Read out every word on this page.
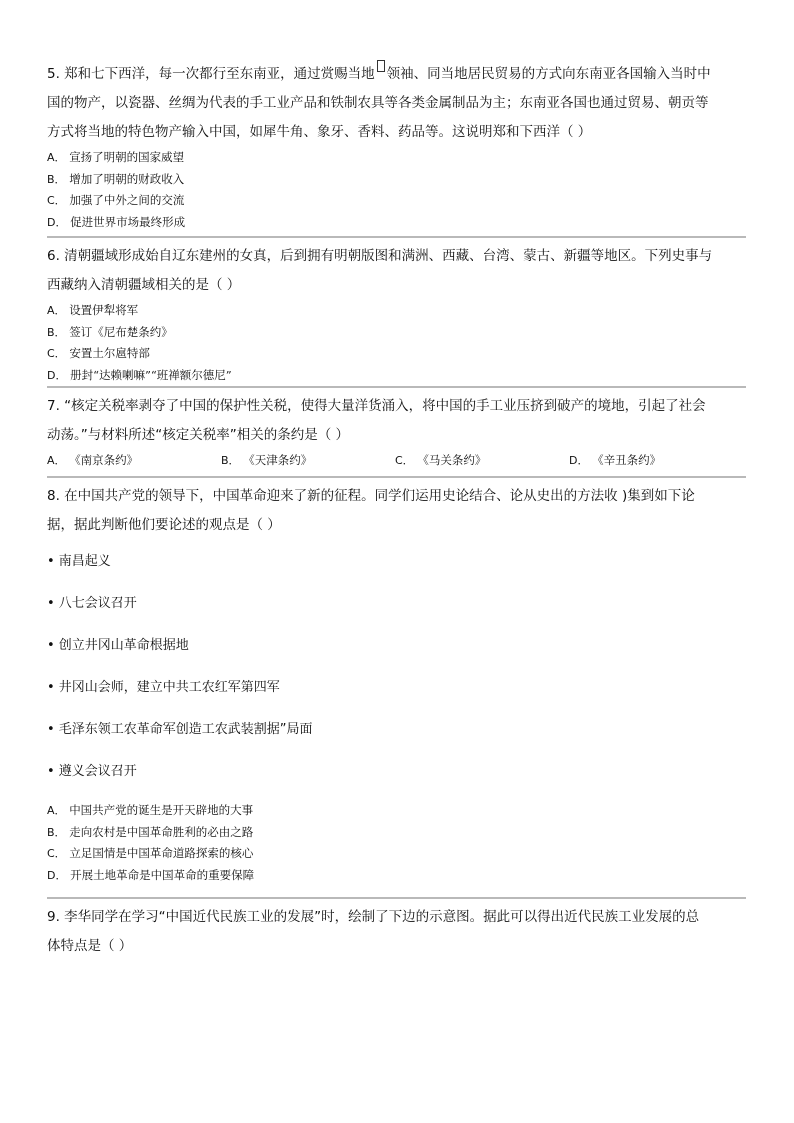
5. 郑和七下西洋，每一次都行至东南亚，通过赏赐当地 领袖、同当地居民贸易的方式向东南亚各国输入当时中

国的物产，以瓷器、丝绸为代表的手工业产品和铁制农具等各类金属制品为主；东南亚各国也通过贸易、朝贡等

方式将当地的特色物产输入中国，如犀牛角、象牙、香料、药品等。这说明郑和下西洋（ ）

A． 宣扬了明朝的国家威望

B． 增加了明朝的财政收入

C． 加强了中外之间的交流

D． 促进世界市场最终形成

6. 清朝疆域形成始自辽东建州的女真，后到拥有明朝版图和满洲、西藏、台湾、蒙古、新疆等地区。下列史事与

西藏纳入清朝疆域相关的是（ ）

A． 设置伊犁将军

B． 签订《尼布楚条约》

C． 安置土尔扈特部

D． 册封“达赖喇嘛”“班禅额尔德尼”

7. “核定关税率剥夺了中国的保护性关税，使得大量洋货涌入，将中国的手工业压挤到破产的境地，引起了社会

动荡。”与材料所述“核定关税率”相关的条约是（ ）

A． 《南京条约》	B． 《天津条约》	C． 《马关条约》	D． 《辛丑条约》

8. 在中国共产党的领导下，中国革命迎来了新的征程。同学们运用史论结合、论从史出的方法收 )集到如下论

据，据此判断他们要论述的观点是（ ）

• 南昌起义

• 八七会议召开

• 创立井冈山革命根据地

• 井冈山会师，建立中共工农红军第四军

• 毛泽东领工农革命军创造工农武装割据”局面

• 遵义会议召开

A． 中国共产党的诞生是开天辟地的大事

B． 走向农村是中国革命胜利的必由之路

C． 立足国情是中国革命道路探索的核心

D． 开展土地革命是中国革命的重要保障

9. 李华同学在学习“中国近代民族工业的发展”时，绘制了下边的示意图。据此可以得出近代民族工业发展的总

体特点是（ ）
